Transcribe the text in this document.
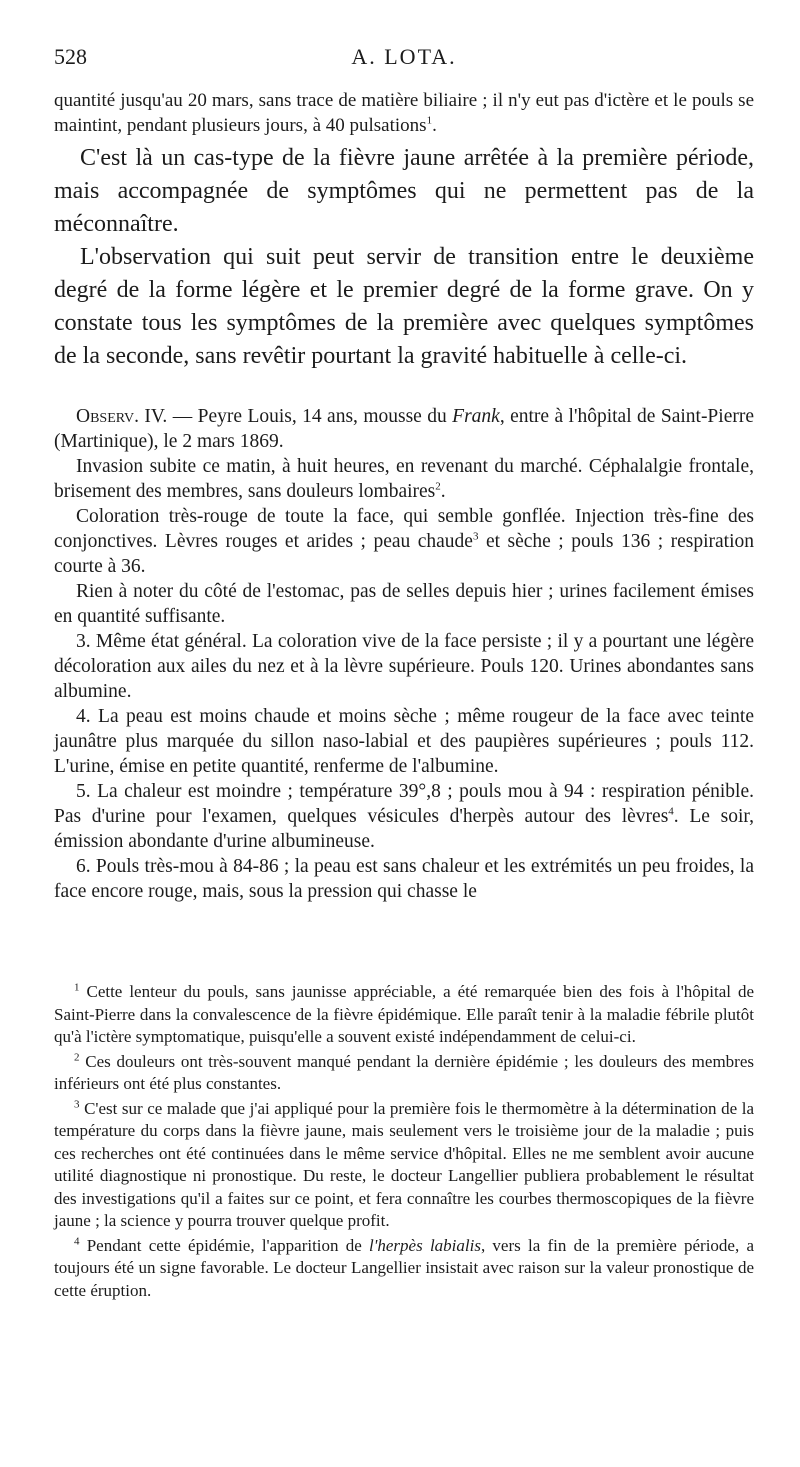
528	A. LOTA.

quantité jusqu'au 20 mars, sans trace de matière biliaire ; il n'y eut pas d'ictère et le pouls se maintint, pendant plusieurs jours, à 40 pulsations$^1$.

C'est là un cas-type de la fièvre jaune arrêtée à la première période, mais accompagnée de symptômes qui ne permettent pas de la méconnaître.

L'observation qui suit peut servir de transition entre le deuxième degré de la forme légère et le premier degré de la forme grave. On y constate tous les symptômes de la première avec quelques symptômes de la seconde, sans revêtir pourtant la gravité habituelle à celle-ci.

Observ. IV. — Peyre Louis, 14 ans, mousse du Frank, entre à l'hôpital de Saint-Pierre (Martinique), le 2 mars 1869.

Invasion subite ce matin, à huit heures, en revenant du marché. Céphalalgie frontale, brisement des membres, sans douleurs lombaires$^2$.

Coloration très-rouge de toute la face, qui semble gonflée. Injection très-fine des conjonctives. Lèvres rouges et arides ; peau chaude$^3$ et sèche ; pouls 136 ; respiration courte à 36.

Rien à noter du côté de l'estomac, pas de selles depuis hier ; urines facilement émises en quantité suffisante.

3. Même état général. La coloration vive de la face persiste ; il y a pourtant une légère décoloration aux ailes du nez et à la lèvre supérieure. Pouls 120. Urines abondantes sans albumine.

4. La peau est moins chaude et moins sèche ; même rougeur de la face avec teinte jaunâtre plus marquée du sillon naso-labial et des paupières supérieures ; pouls 112. L'urine, émise en petite quantité, renferme de l'albumine.

5. La chaleur est moindre ; température 39°,8 ; pouls mou à 94 : respiration pénible. Pas d'urine pour l'examen, quelques vésicules d'herpès autour des lèvres$^4$. Le soir, émission abondante d'urine albumineuse.

6. Pouls très-mou à 84-86 ; la peau est sans chaleur et les extrémités un peu froides, la face encore rouge, mais, sous la pression qui chasse le

$^1$ Cette lenteur du pouls, sans jaunisse appréciable, a été remarquée bien des fois à l'hôpital de Saint-Pierre dans la convalescence de la fièvre épidémique. Elle paraît tenir à la maladie fébrile plutôt qu'à l'ictère symptomatique, puisqu'elle a souvent existé indépendamment de celui-ci.

$^2$ Ces douleurs ont très-souvent manqué pendant la dernière épidémie ; les douleurs des membres inférieurs ont été plus constantes.

$^3$ C'est sur ce malade que j'ai appliqué pour la première fois le thermomètre à la détermination de la température du corps dans la fièvre jaune, mais seulement vers le troisième jour de la maladie ; puis ces recherches ont été continuées dans le même service d'hôpital. Elles ne me semblent avoir aucune utilité diagnostique ni pronostique. Du reste, le docteur Langellier publiera probablement le résultat des investigations qu'il a faites sur ce point, et fera connaître les courbes thermoscopiques de la fièvre jaune ; la science y pourra trouver quelque profit.

$^4$ Pendant cette épidémie, l'apparition de l'herpès labialis, vers la fin de la première période, a toujours été un signe favorable. Le docteur Langellier insistait avec raison sur la valeur pronostique de cette éruption.
